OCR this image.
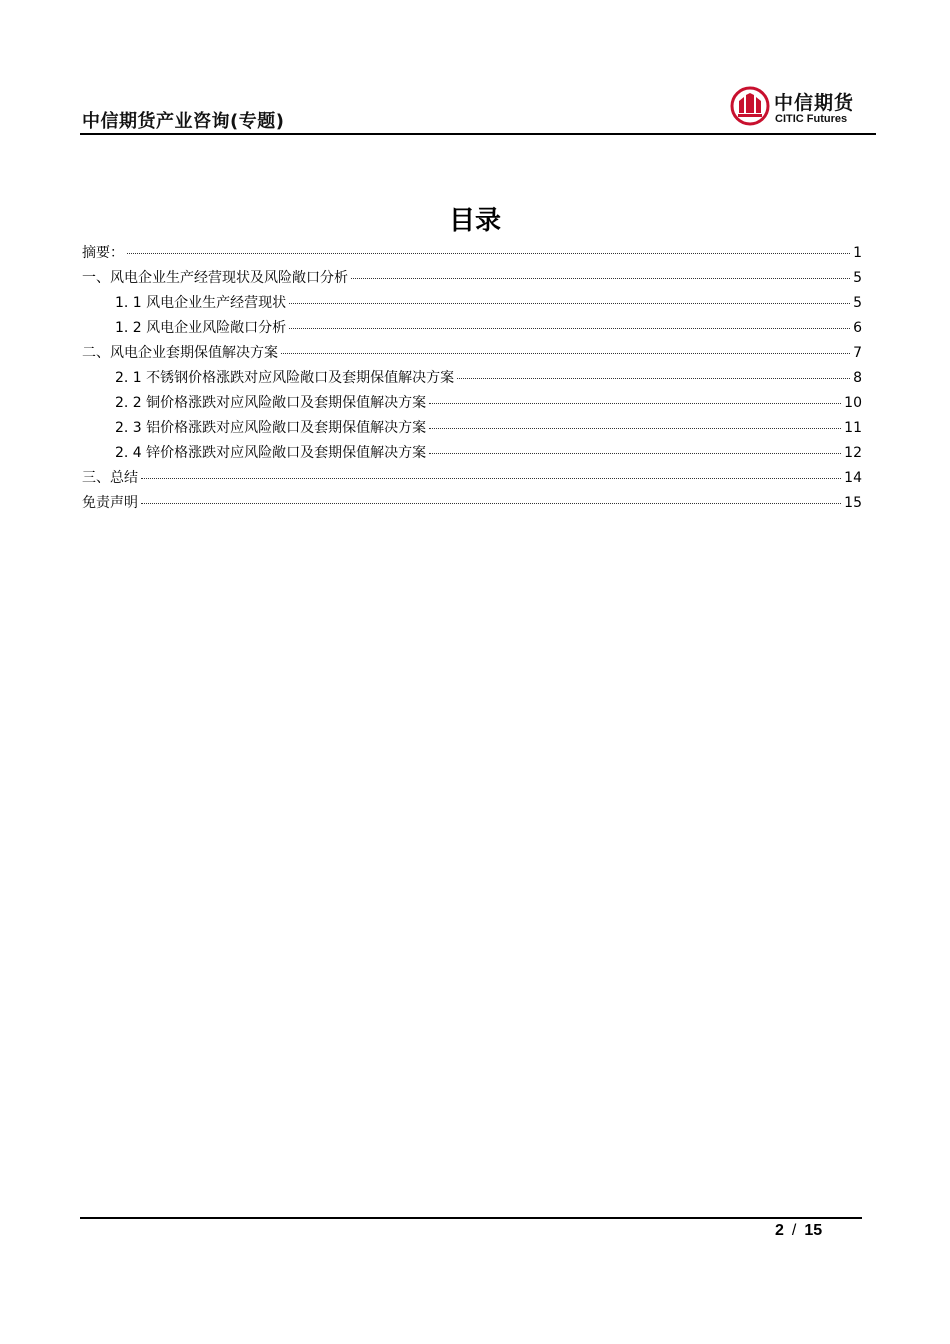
中信期货产业咨询(专题)
中信期货
CITIC Futures
目录
摘要：	1
一、风电企业生产经营现状及风险敞口分析	5
1. 1 风电企业生产经营现状	5
1. 2 风电企业风险敞口分析	6
二、风电企业套期保值解决方案	7
2. 1 不锈钢价格涨跌对应风险敞口及套期保值解决方案	8
2. 2 铜价格涨跌对应风险敞口及套期保值解决方案	10
2. 3 铝价格涨跌对应风险敞口及套期保值解决方案	11
2. 4 锌价格涨跌对应风险敞口及套期保值解决方案	12
三、总结	14
免责声明	15
2 / 15
